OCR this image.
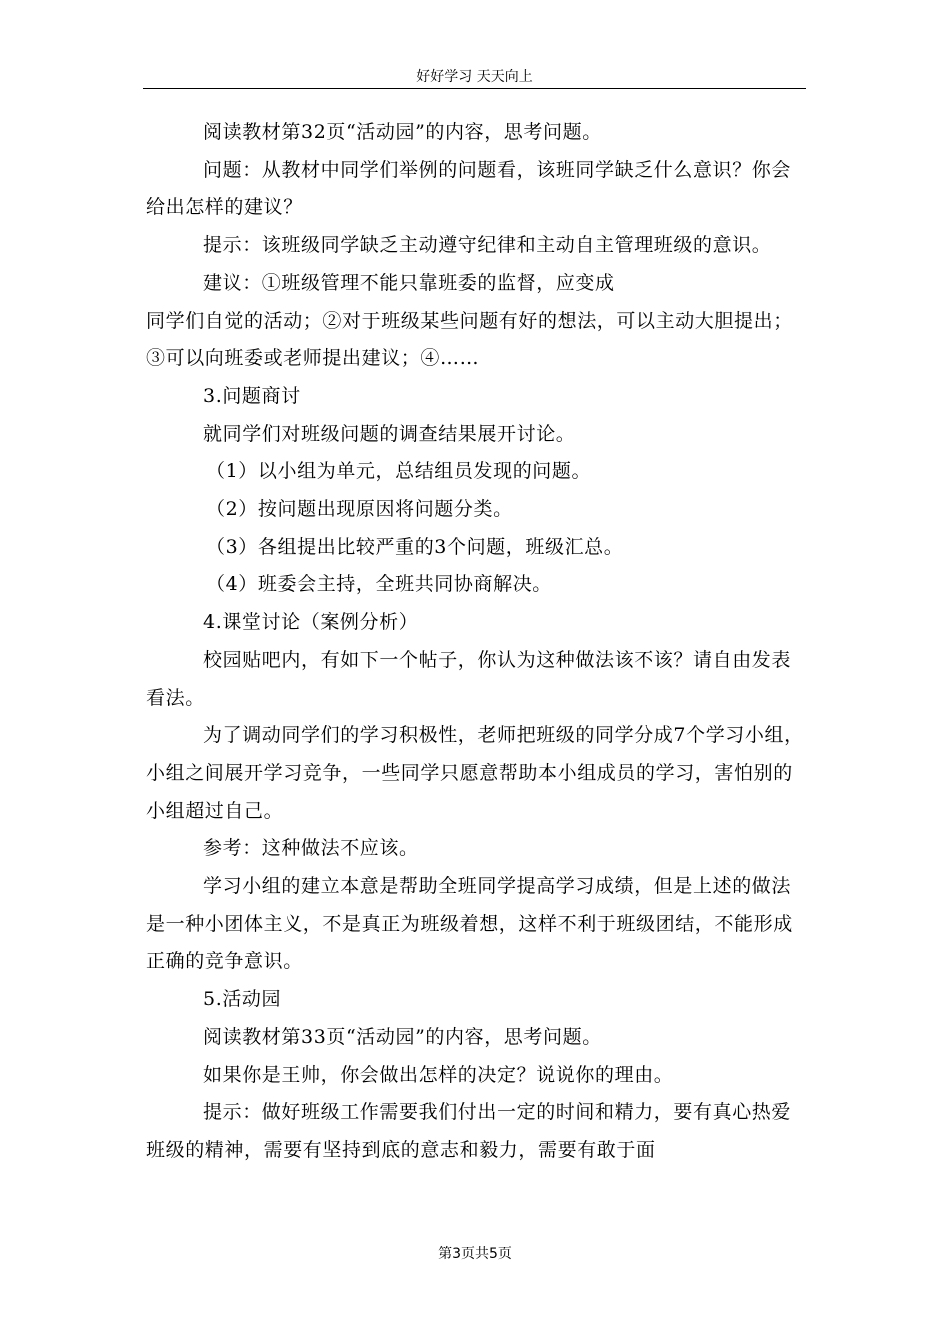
好好学习 天天向上

阅读教材第32页“活动园”的内容，思考问题。

问题：从教材中同学们举例的问题看，该班同学缺乏什么意识？你会给出怎样的建议？

提示：该班级同学缺乏主动遵守纪律和主动自主管理班级的意识。

建议：①班级管理不能只靠班委的监督，应变成

同学们自觉的活动；②对于班级某些问题有好的想法，可以主动大胆提出；③可以向班委或老师提出建议；④……

3.问题商讨

就同学们对班级问题的调查结果展开讨论。

（1）以小组为单元，总结组员发现的问题。

（2）按问题出现原因将问题分类。

（3）各组提出比较严重的3个问题，班级汇总。

（4）班委会主持，全班共同协商解决。

4.课堂讨论（案例分析）

校园贴吧内，有如下一个帖子，你认为这种做法该不该？请自由发表看法。

为了调动同学们的学习积极性，老师把班级的同学分成7个学习小组，小组之间展开学习竞争，一些同学只愿意帮助本小组成员的学习，害怕别的小组超过自己。

参考：这种做法不应该。

学习小组的建立本意是帮助全班同学提高学习成绩，但是上述的做法是一种小团体主义，不是真正为班级着想，这样不利于班级团结，不能形成正确的竞争意识。

5.活动园

阅读教材第33页“活动园”的内容，思考问题。

如果你是王帅，你会做出怎样的决定？说说你的理由。

提示：做好班级工作需要我们付出一定的时间和精力，要有真心热爱班级的精神，需要有坚持到底的意志和毅力，需要有敢于面

第3页共5页
